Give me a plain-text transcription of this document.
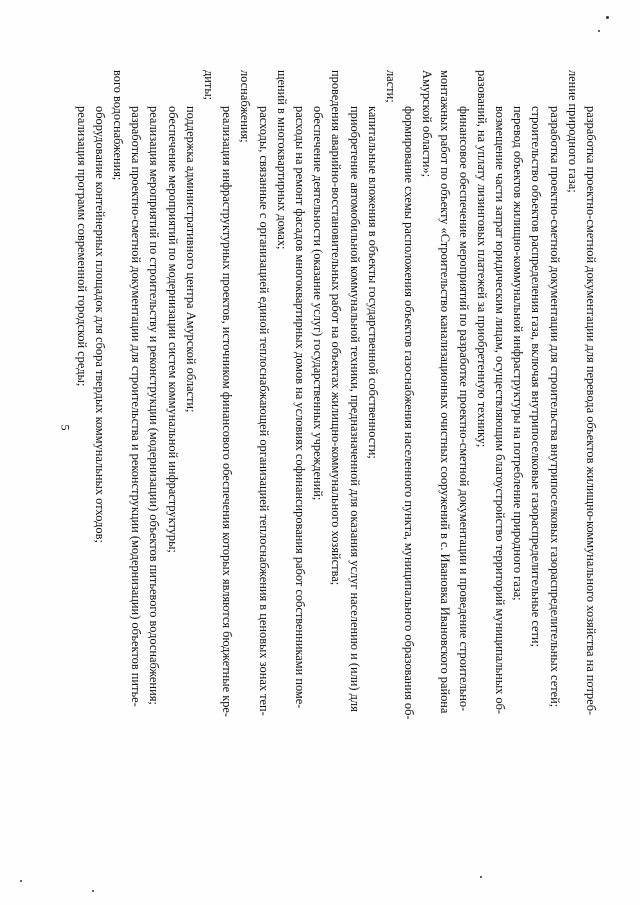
5	разработка проектно-сметной документации для перевода объектов жилищно-коммунального хозяйства на потреб-
ление природного газа;
разработка проектно-сметной документации для строительства внутрипоселковых газораспределительных сетей;
строительство объектов распределения газа, включая внутрипоселковые газораспределительные сети;
перевод объектов жилищно-коммунальной инфраструктуры на потребление природного газа;
возмещение части затрат юридическим лицам, осуществляющим благоустройство территорий муниципальных об-
разований, на уплату лизинговых платежей за приобретенную технику;
финансовое обеспечение мероприятий по разработке проектно-сметной документации и проведение строительно-
монтажных работ по объекту «Строительство канализационных очистных сооружений в с. Ивановка Ивановского района
Амурской области»;
формирование схемы расположения объектов газоснабжения населенного пункта, муниципального образования об-
ласти;
капитальные вложения в объекты государственной собственности;
приобретение автомобильной коммунальной техники, предназначенной для оказания услуг населению и (или) для
проведения аварийно-восстановительных работ на объектах жилищно-коммунального хозяйства;
обеспечение деятельности (оказание услуг) государственных учреждений;
расходы на ремонт фасадов многоквартирных домов на условиях софинансирования работ собственниками поме-
щений в многоквартирных домах;
расходы, связанные с организацией единой теплоснабжающей организацией теплоснабжения в ценовых зонах теп-
лоснабжения;
реализация инфраструктурных проектов, источником финансового обеспечения которых являются бюджетные кре-
диты;
поддержка административного центра Амурской области;
обеспечение мероприятий по модернизации систем коммунальной инфраструктуры;
реализация мероприятий по строительству и реконструкции (модернизации) объектов питьевого водоснабжения;
разработка проектно-сметной документации для строительства и реконструкции (модернизации) объектов питье-
вого водоснабжения;
оборудование контейнерных площадок для сбора твердых коммунальных отходов;
реализация программ современной городской среды;
